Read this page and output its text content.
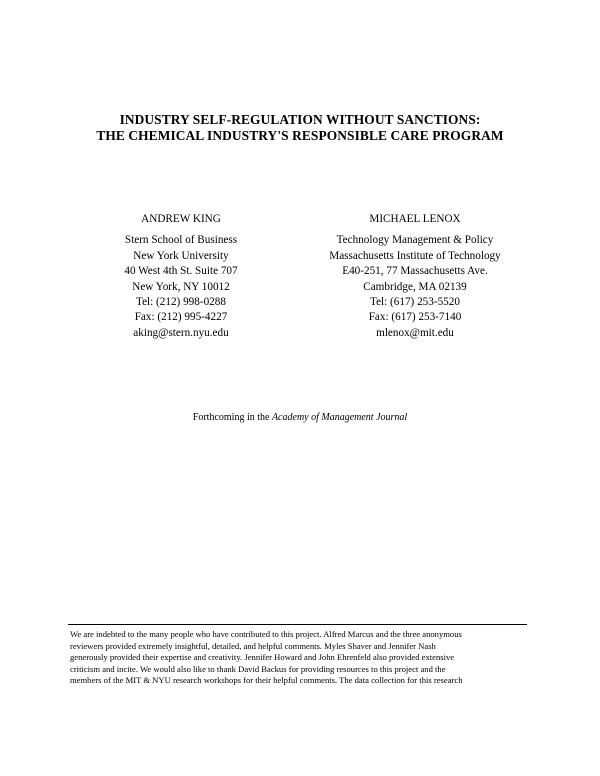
INDUSTRY SELF-REGULATION WITHOUT SANCTIONS:
THE CHEMICAL INDUSTRY'S RESPONSIBLE CARE PROGRAM
ANDREW KING
Stern School of Business
New York University
40 West 4th St. Suite 707
New York, NY 10012
Tel: (212) 998-0288
Fax: (212) 995-4227
aking@stern.nyu.edu
MICHAEL LENOX
Technology Management & Policy
Massachusetts Institute of Technology
E40-251, 77 Massachusetts Ave.
Cambridge, MA 02139
Tel: (617) 253-5520
Fax: (617) 253-7140
mlenox@mit.edu
Forthcoming in the Academy of Management Journal
We are indebted to the many people who have contributed to this project. Alfred Marcus and the three anonymous
reviewers provided extremely insightful, detailed, and helpful comments. Myles Shaver and Jennifer Nash
generously provided their expertise and creativity. Jennifer Howard and John Ehrenfeld also provided extensive
criticism and incite. We would also like to thank David Backus for providing resources to this project and the
members of the MIT & NYU research workshops for their helpful comments. The data collection for this research
